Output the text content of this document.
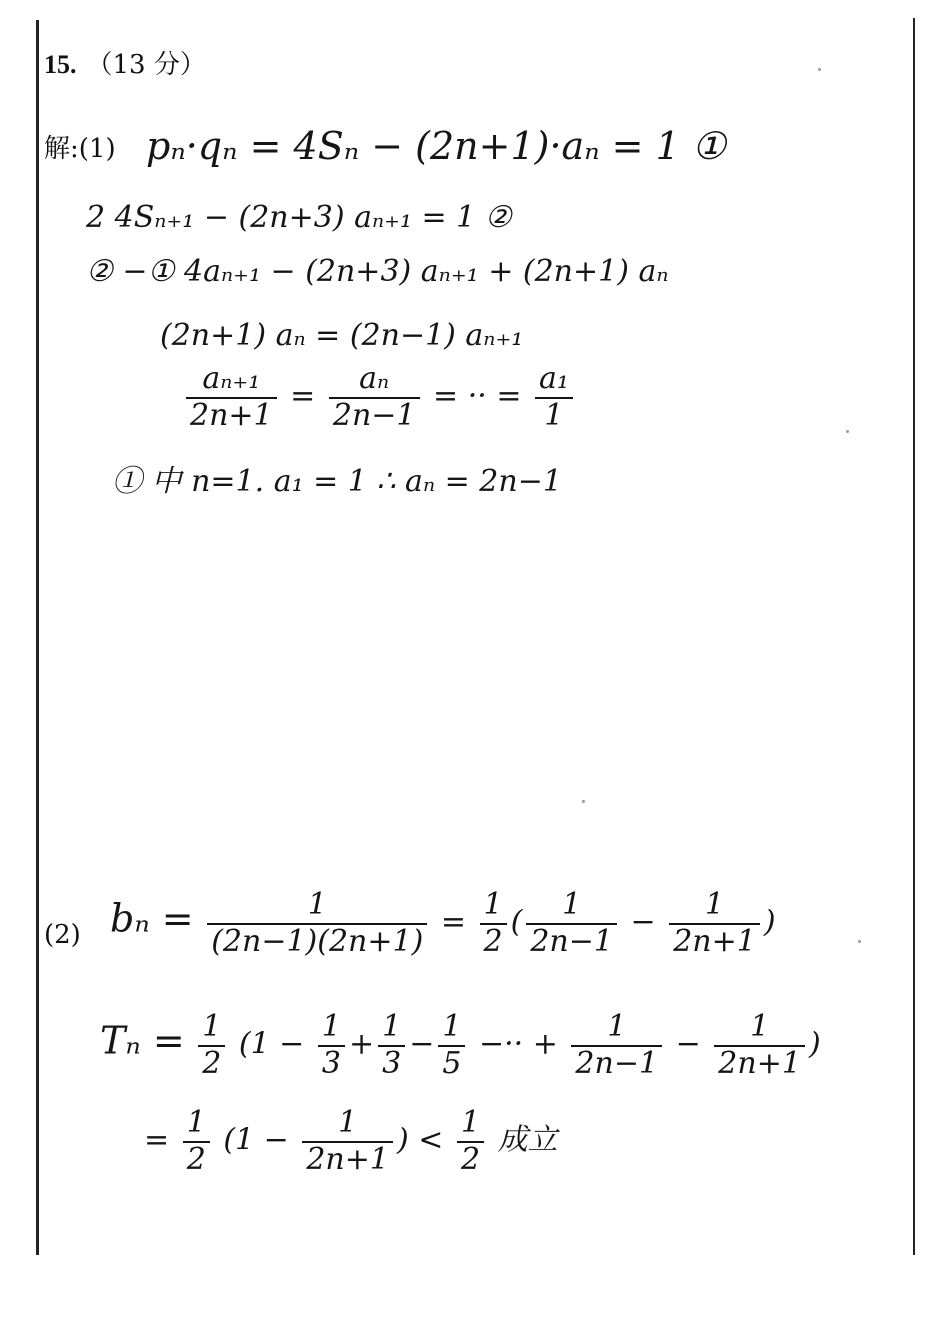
15. （13 分）
解:(1) pₙ·qₙ = 4Sₙ − (2n+1)·aₙ = 1 ①
2 4Sₙ₊₁ − (2n+3) aₙ₊₁ = 1 ②
② −① 4aₙ₊₁ − (2n+3) aₙ₊₁ + (2n+1) aₙ
(2n+1) aₙ = (2n−1) aₙ₊₁
$\frac{\text{aₙ₊₁}}{2n+1} = \frac{\text{aₙ}}{2n-1}$ = ·· = $\frac{\text{a₁}}{1}$
① 中 n=1. a₁ = 1 ∴ aₙ = 2n−1
(2) $b_n = \frac{1}{(2n-1)(2n+1)} = \frac{1}{2}$ ( $\frac{1}{2n-1} - \frac{1}{2n+1}$ )
$T_n = \frac{1}{2} (1 - \frac{1}{3} + \frac{1}{3} - \frac{1}{5}$ −·· + $\frac{1}{2n-1} - \frac{1}{2n+1}$ )
= $\frac{1}{2} (1 - \frac{1}{2n+1}$ ) < $\frac{1}{2}$ 成立
